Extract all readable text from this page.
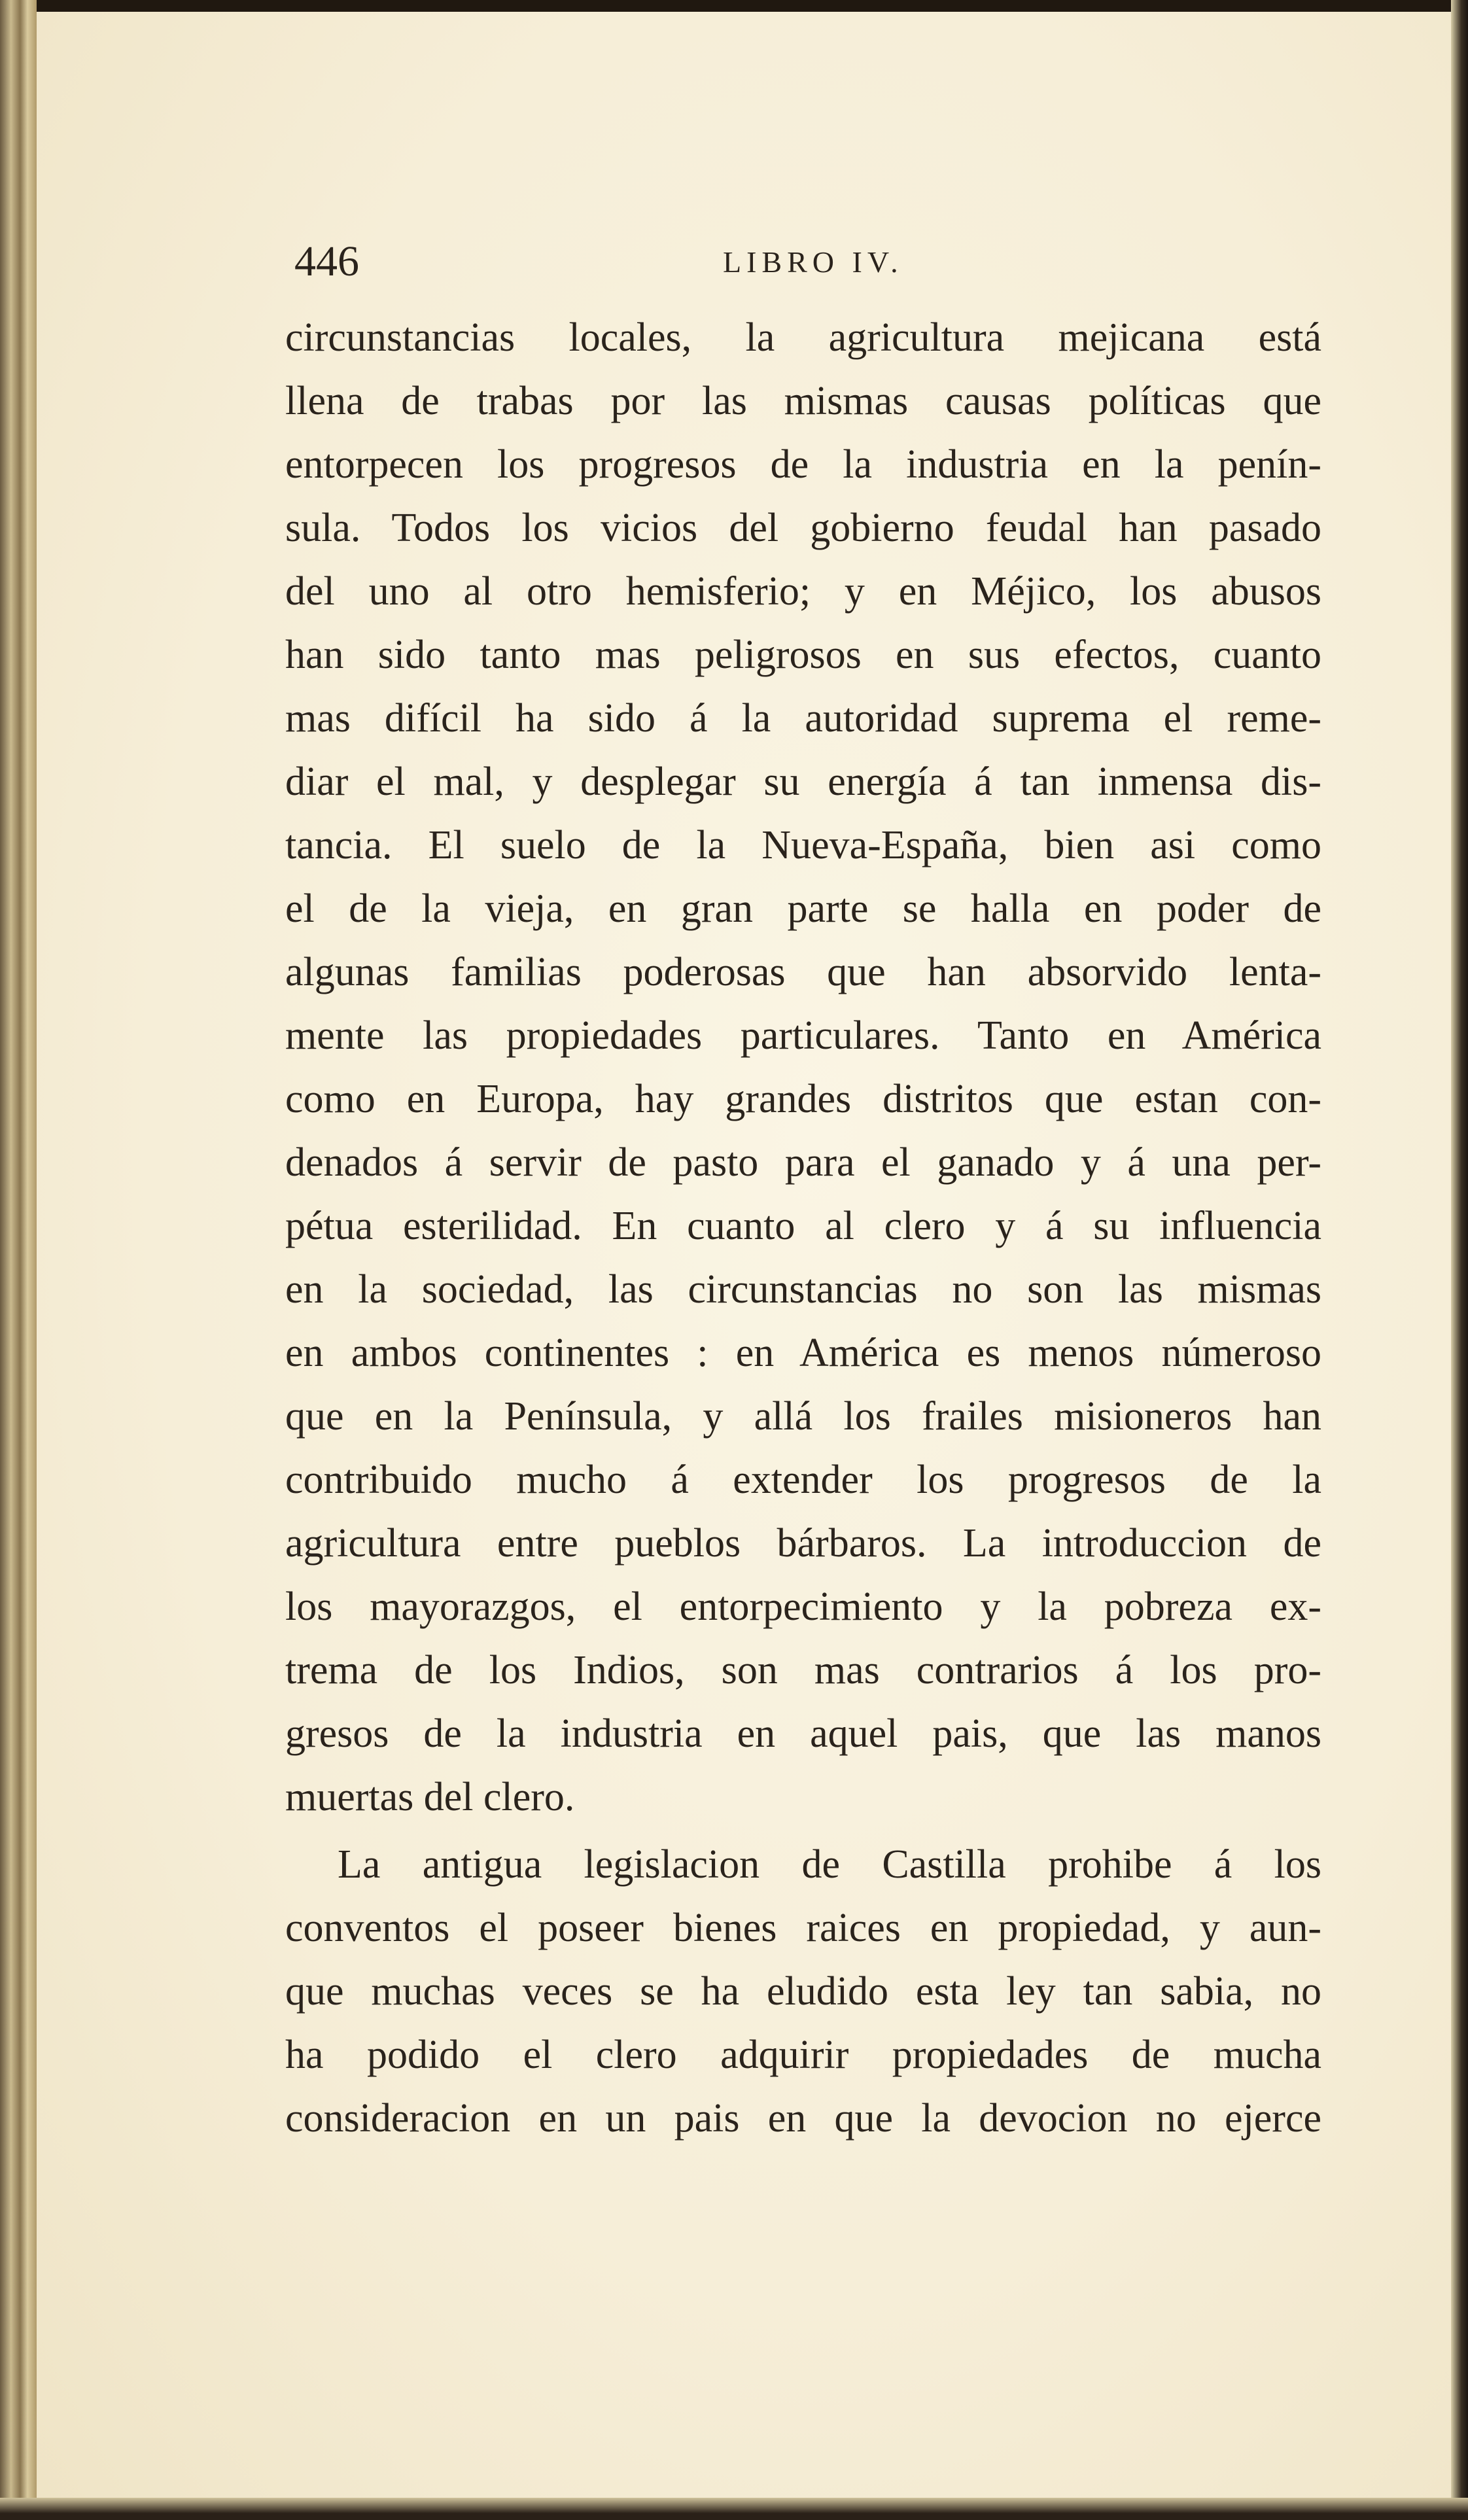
446	LIBRO IV.
circunstancias locales, la agricultura mejicana está
llena de trabas por las mismas causas políticas que
entorpecen los progresos de la industria en la penín-
sula. Todos los vicios del gobierno feudal han pasado
del uno al otro hemisferio; y en Méjico, los abusos
han sido tanto mas peligrosos en sus efectos, cuanto
mas difícil ha sido á la autoridad suprema el reme-
diar el mal, y desplegar su energía á tan inmensa dis-
tancia. El suelo de la Nueva-España, bien asi como
el de la vieja, en gran parte se halla en poder de
algunas familias poderosas que han absorvido lenta-
mente las propiedades particulares. Tanto en América
como en Europa, hay grandes distritos que estan con-
denados á servir de pasto para el ganado y á una per-
pétua esterilidad. En cuanto al clero y á su influencia
en la sociedad, las circunstancias no son las mismas
en ambos continentes : en América es menos númeroso
que en la Península, y allá los frailes misioneros han
contribuido mucho á extender los progresos de la
agricultura entre pueblos bárbaros. La introduccion de
los mayorazgos, el entorpecimiento y la pobreza ex-
trema de los Indios, son mas contrarios á los pro-
gresos de la industria en aquel pais, que las manos
muertas del clero.
La antigua legislacion de Castilla prohibe á los
conventos el poseer bienes raices en propiedad, y aun-
que muchas veces se ha eludido esta ley tan sabia, no
ha podido el clero adquirir propiedades de mucha
consideracion en un pais en que la devocion no ejerce
